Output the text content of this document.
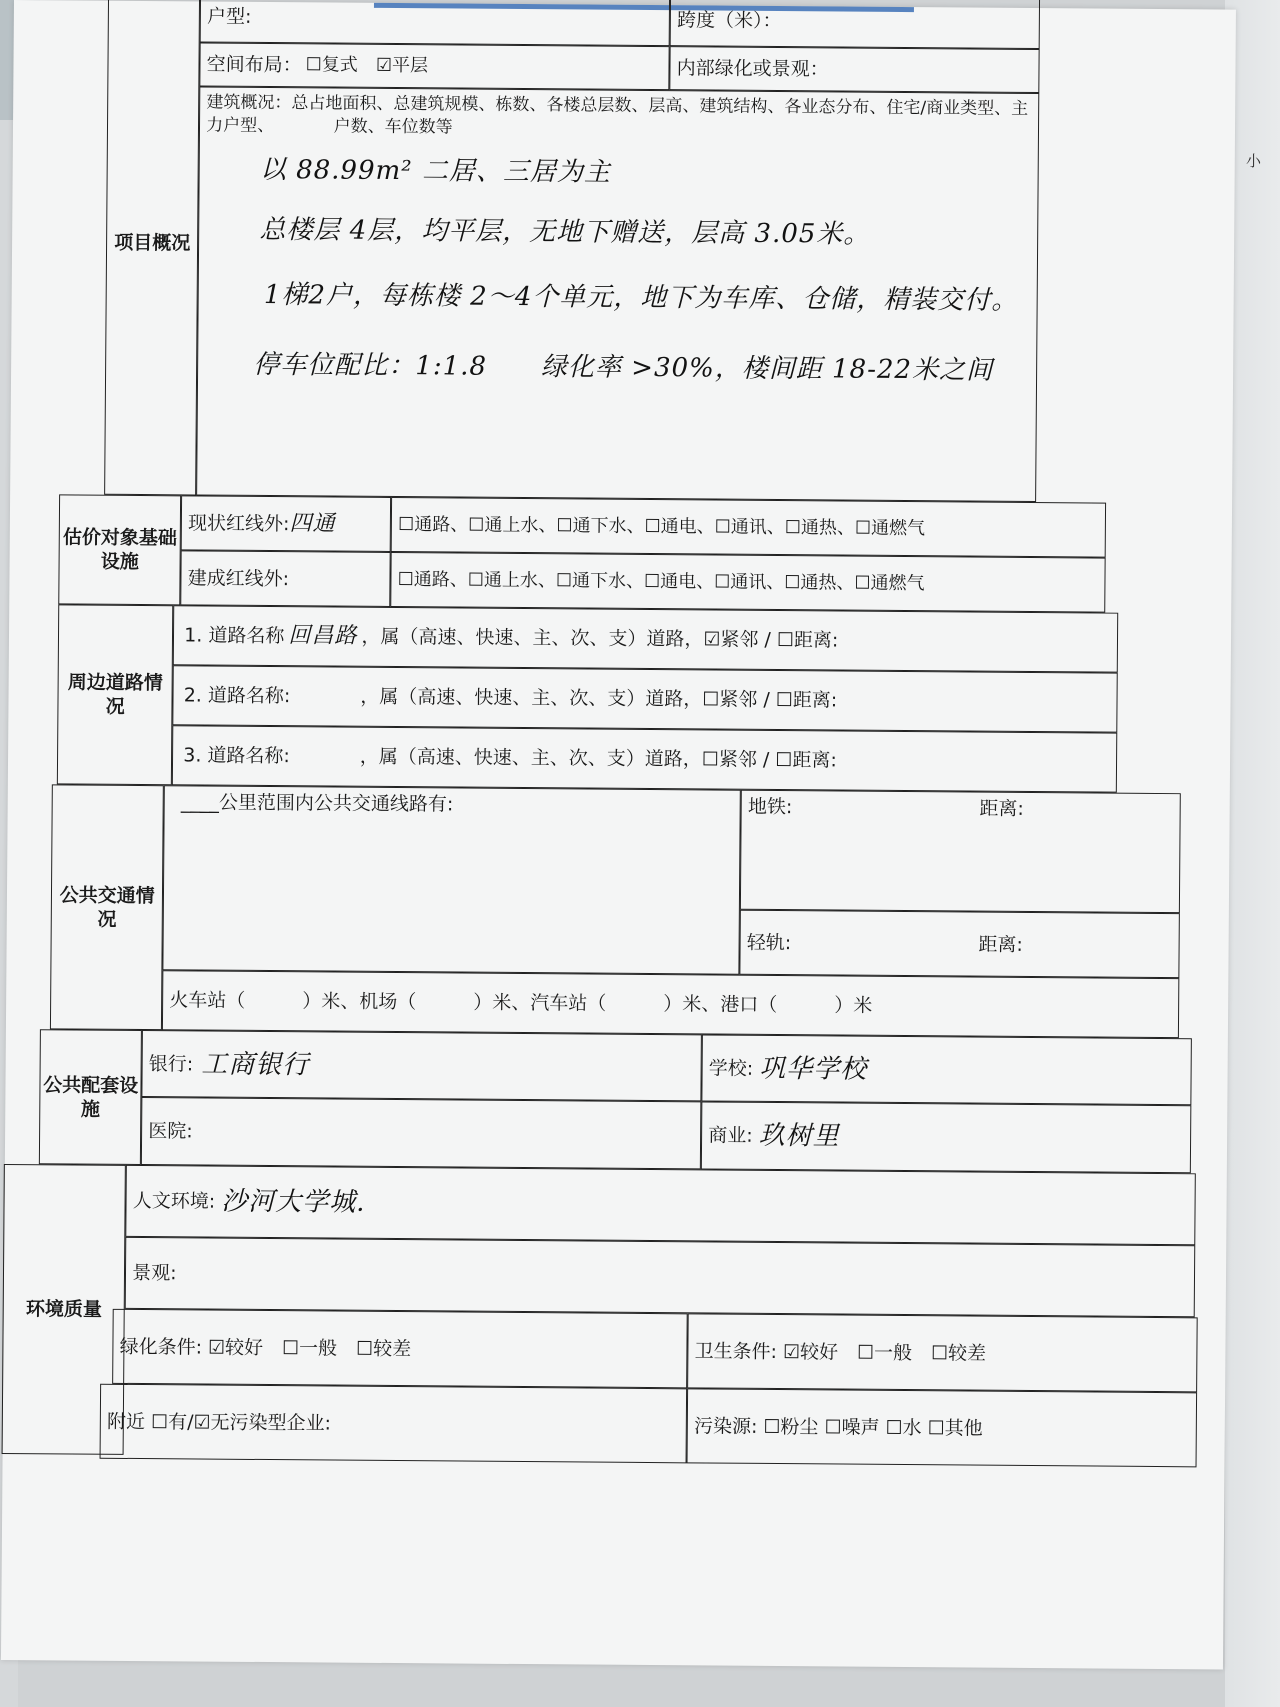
小
项目概况
户型:	跨度（米）：
空间布局： ☐复式 ☑平层	内部绿化或景观：
建筑概况：总占地面积、总建筑规模、栋数、各楼总层数、层高、建筑结构、各业态分布、住宅/商业类型、主力户型、　　　　户数、车位数等
以 88.99m² 二居、三居为主
总楼层 4层，均平层，无地下赠送，层高 3.05米。
1梯2户，每栋楼 2～4个单元，地下为车库、仓储，精装交付。
停车位配比：1:1.8　　绿化率 >30%，楼间距 18-22米之间
估价对象基础设施
现状红线外: 四通	☐通路、☐通上水、☐通下水、☐通电、☐通讯、☐通热、☐通燃气
建成红线外:	☐通路、☐通上水、☐通下水、☐通电、☐通讯、☐通热、☐通燃气
周边道路情况
1. 道路名称 回昌路 ，属（高速、快速、主、次、支）道路，☑紧邻 / ☐距离:
2. 道路名称:	，属（高速、快速、主、次、支）道路，☐紧邻 / ☐距离:
3. 道路名称:	，属（高速、快速、主、次、支）道路，☐紧邻 / ☐距离:
公共交通情况
____公里范围内公共交通线路有:	地铁:	距离:
轻轨:	距离:
火车站（　　　）米、机场（　　　）米、汽车站（　　　）米、港口（　　　）米
公共配套设施
银行: 工商银行	学校: 巩华学校
医院:	商业: 玖树里
环境质量
人文环境: 沙河大学城.
景观:
绿化条件: ☑较好　☐一般　☐较差	卫生条件: ☑较好　☐一般　☐较差
附近 ☐有/☑无污染型企业:	污染源: ☐粉尘 ☐噪声 ☐水 ☐其他
